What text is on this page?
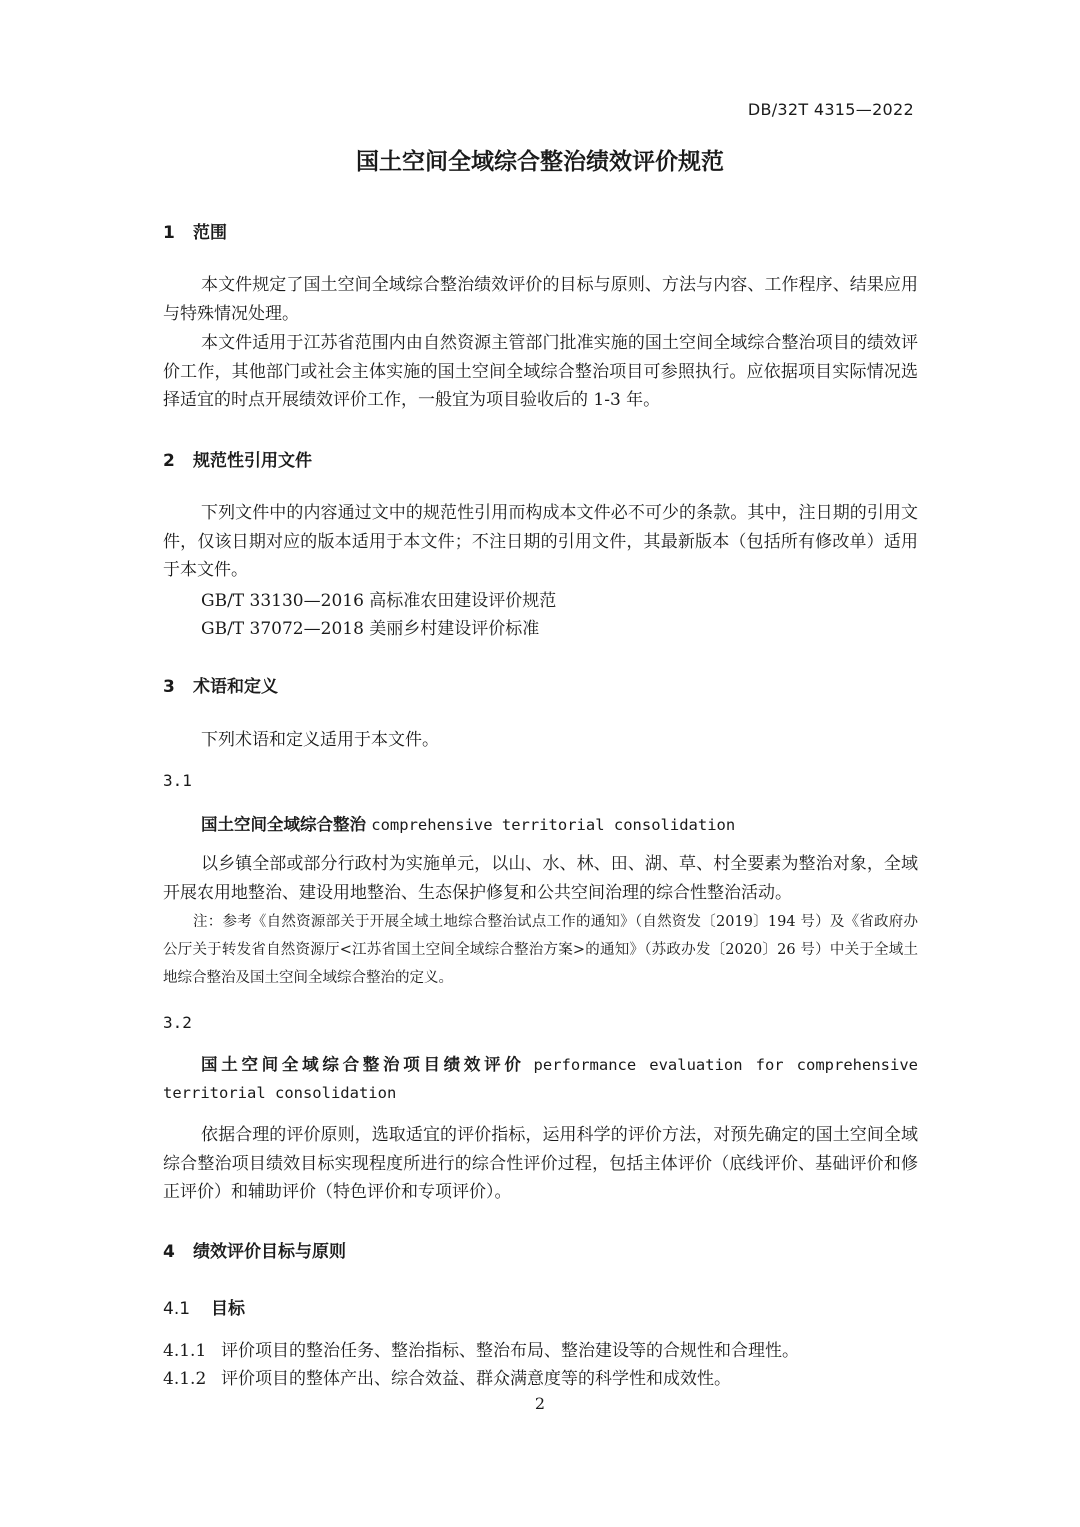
DB/32T 4315—2022
国土空间全域综合整治绩效评价规范
1 范围
本文件规定了国土空间全域综合整治绩效评价的目标与原则、方法与内容、工作程序、结果应用与特殊情况处理。
本文件适用于江苏省范围内由自然资源主管部门批准实施的国土空间全域综合整治项目的绩效评价工作，其他部门或社会主体实施的国土空间全域综合整治项目可参照执行。应依据项目实际情况选择适宜的时点开展绩效评价工作，一般宜为项目验收后的 1-3 年。
2 规范性引用文件
下列文件中的内容通过文中的规范性引用而构成本文件必不可少的条款。其中，注日期的引用文件，仅该日期对应的版本适用于本文件；不注日期的引用文件，其最新版本（包括所有修改单）适用于本文件。
GB/T 33130—2016 高标准农田建设评价规范
GB/T 37072—2018 美丽乡村建设评价标准
3 术语和定义
下列术语和定义适用于本文件。
3.1
国土空间全域综合整治 comprehensive territorial consolidation
以乡镇全部或部分行政村为实施单元，以山、水、林、田、湖、草、村全要素为整治对象，全域开展农用地整治、建设用地整治、生态保护修复和公共空间治理的综合性整治活动。
注：参考《自然资源部关于开展全域土地综合整治试点工作的通知》（自然资发〔2019〕194 号）及《省政府办公厅关于转发省自然资源厅<江苏省国土空间全域综合整治方案>的通知》（苏政办发〔2020〕26 号）中关于全域土地综合整治及国土空间全域综合整治的定义。
3.2
国土空间全域综合整治项目绩效评价 performance evaluation for comprehensive territorial consolidation
依据合理的评价原则，选取适宜的评价指标，运用科学的评价方法，对预先确定的国土空间全域综合整治项目绩效目标实现程度所进行的综合性评价过程，包括主体评价（底线评价、基础评价和修正评价）和辅助评价（特色评价和专项评价）。
4 绩效评价目标与原则
4.1 目标
4.1.1 评价项目的整治任务、整治指标、整治布局、整治建设等的合规性和合理性。
4.1.2 评价项目的整体产出、综合效益、群众满意度等的科学性和成效性。
2
